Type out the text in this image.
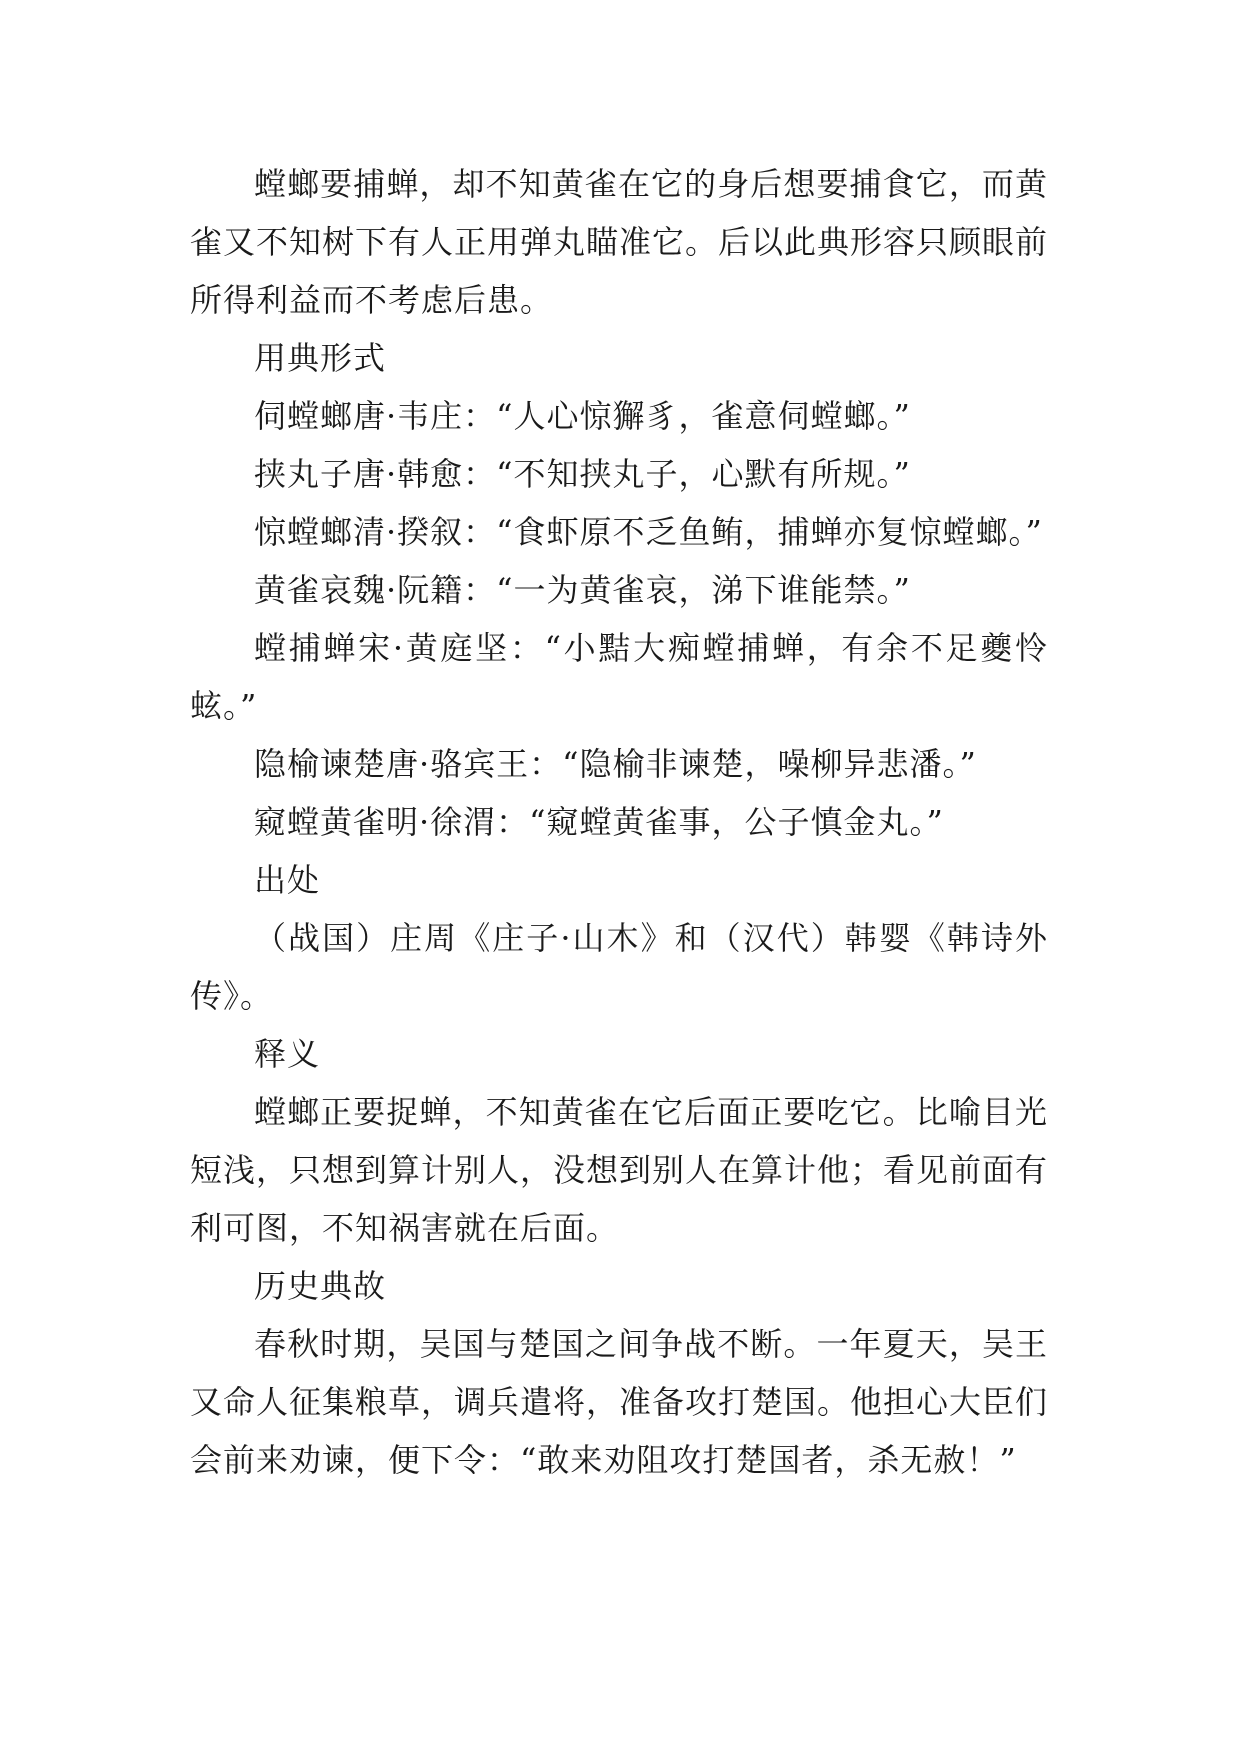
螳螂要捕蝉，却不知黄雀在它的身后想要捕食它，而黄雀又不知树下有人正用弹丸瞄准它。后以此典形容只顾眼前所得利益而不考虑后患。

用典形式

伺螳螂唐·韦庄：“人心惊獬豸，雀意伺螳螂。”

挟丸子唐·韩愈：“不知挟丸子，心默有所规。”

惊螳螂清·揆叙：“食虾原不乏鱼鲔，捕蝉亦复惊螳螂。”

黄雀哀魏·阮籍：“一为黄雀哀，涕下谁能禁。”

螳捕蝉宋·黄庭坚：“小黠大痴螳捕蝉，有余不足夔怜蚿。”

隐榆谏楚唐·骆宾王：“隐榆非谏楚，噪柳异悲潘。”

窥螳黄雀明·徐渭：“窥螳黄雀事，公子慎金丸。”

出处

（战国）庄周《庄子·山木》和（汉代）韩婴《韩诗外传》。

释义

螳螂正要捉蝉，不知黄雀在它后面正要吃它。比喻目光短浅，只想到算计别人，没想到别人在算计他；看见前面有利可图，不知祸害就在后面。

历史典故

春秋时期，吴国与楚国之间争战不断。一年夏天，吴王又命人征集粮草，调兵遣将，准备攻打楚国。他担心大臣们会前来劝谏，便下令：“敢来劝阻攻打楚国者，杀无赦！”
